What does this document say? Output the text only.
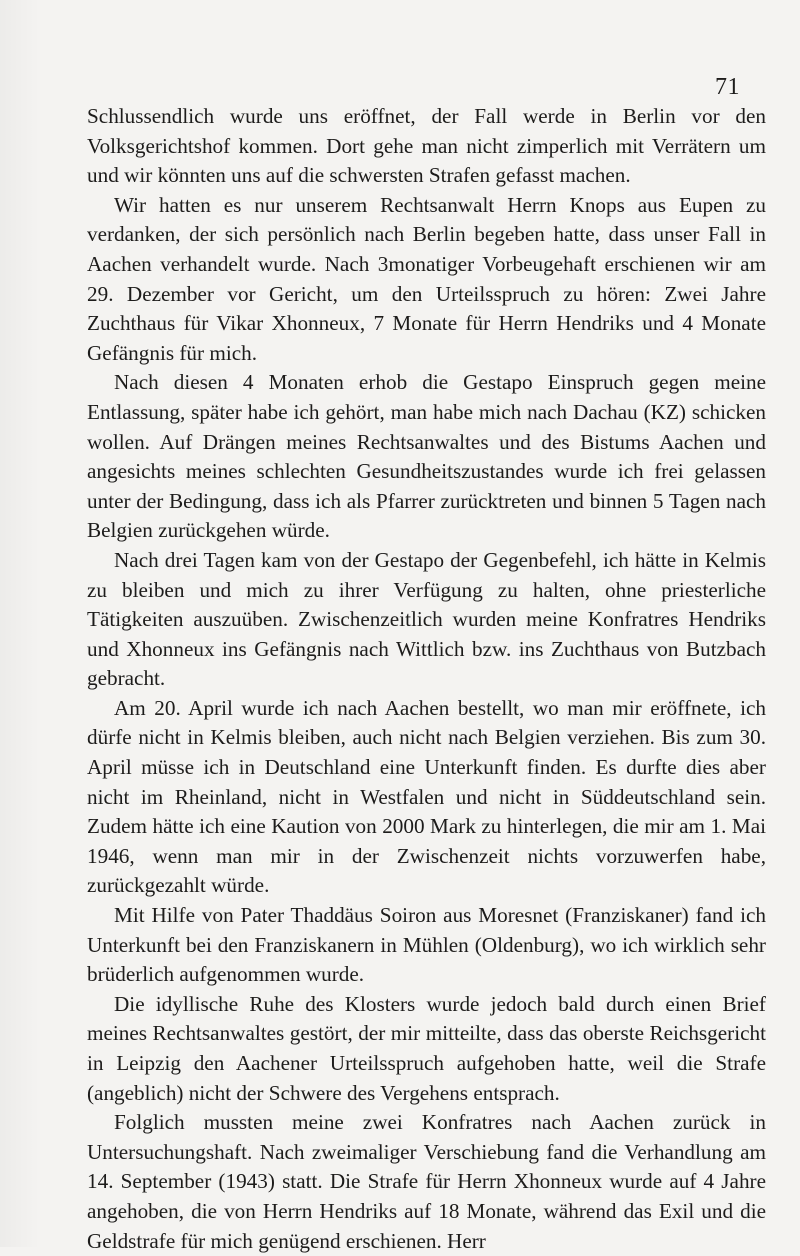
71

Schlussendlich wurde uns eröffnet, der Fall werde in Berlin vor den Volksgerichtshof kommen. Dort gehe man nicht zimperlich mit Verrätern um und wir könnten uns auf die schwersten Strafen gefasst machen.

Wir hatten es nur unserem Rechtsanwalt Herrn Knops aus Eupen zu verdanken, der sich persönlich nach Berlin begeben hatte, dass unser Fall in Aachen verhandelt wurde. Nach 3monatiger Vorbeugehaft erschienen wir am 29. Dezember vor Gericht, um den Urteilsspruch zu hören: Zwei Jahre Zuchthaus für Vikar Xhonneux, 7 Monate für Herrn Hendriks und 4 Monate Gefängnis für mich.

Nach diesen 4 Monaten erhob die Gestapo Einspruch gegen meine Entlassung, später habe ich gehört, man habe mich nach Dachau (KZ) schicken wollen. Auf Drängen meines Rechtsanwaltes und des Bistums Aachen und angesichts meines schlechten Gesundheitszustandes wurde ich frei gelassen unter der Bedingung, dass ich als Pfarrer zurücktreten und binnen 5 Tagen nach Belgien zurückgehen würde.

Nach drei Tagen kam von der Gestapo der Gegenbefehl, ich hätte in Kelmis zu bleiben und mich zu ihrer Verfügung zu halten, ohne priesterliche Tätigkeiten auszuüben. Zwischenzeitlich wurden meine Konfratres Hendriks und Xhonneux ins Gefängnis nach Wittlich bzw. ins Zuchthaus von Butzbach gebracht.

Am 20. April wurde ich nach Aachen bestellt, wo man mir eröffnete, ich dürfe nicht in Kelmis bleiben, auch nicht nach Belgien verziehen. Bis zum 30. April müsse ich in Deutschland eine Unterkunft finden. Es durfte dies aber nicht im Rheinland, nicht in Westfalen und nicht in Süddeutschland sein. Zudem hätte ich eine Kaution von 2000 Mark zu hinterlegen, die mir am 1. Mai 1946, wenn man mir in der Zwischenzeit nichts vorzuwerfen habe, zurückgezahlt würde.

Mit Hilfe von Pater Thaddäus Soiron aus Moresnet (Franziskaner) fand ich Unterkunft bei den Franziskanern in Mühlen (Oldenburg), wo ich wirklich sehr brüderlich aufgenommen wurde.

Die idyllische Ruhe des Klosters wurde jedoch bald durch einen Brief meines Rechtsanwaltes gestört, der mir mitteilte, dass das oberste Reichsgericht in Leipzig den Aachener Urteilsspruch aufgehoben hatte, weil die Strafe (angeblich) nicht der Schwere des Vergehens entsprach.

Folglich mussten meine zwei Konfratres nach Aachen zurück in Untersuchungshaft. Nach zweimaliger Verschiebung fand die Verhandlung am 14. September (1943) statt. Die Strafe für Herrn Xhonneux wurde auf 4 Jahre angehoben, die von Herrn Hendriks auf 18 Monate, während das Exil und die Geldstrafe für mich genügend erschienen. Herr
